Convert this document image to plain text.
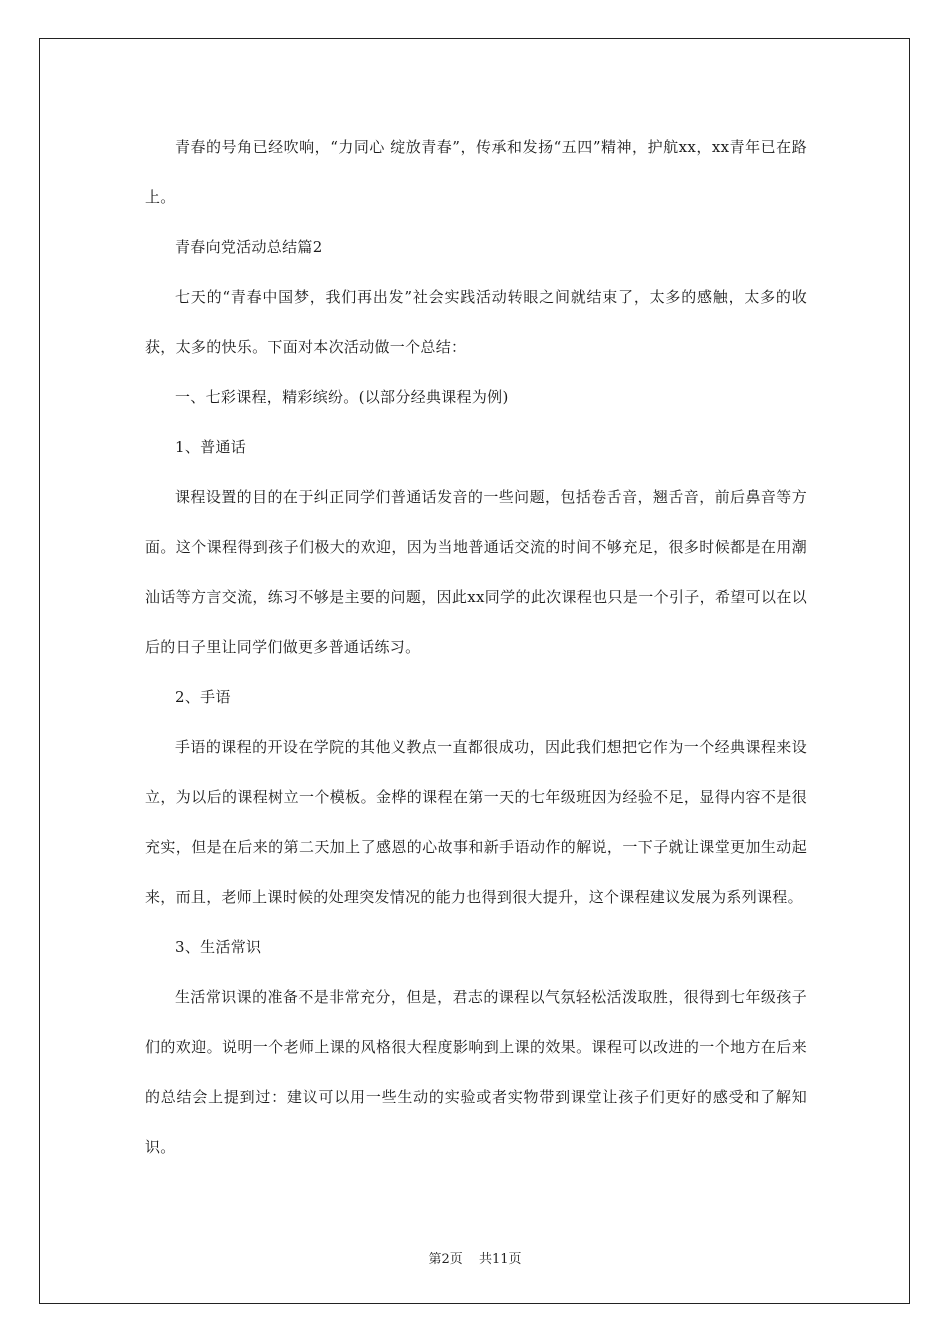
青春的号角已经吹响，“力同心 绽放青春”，传承和发扬“五四”精神，护航xx，xx青年已在路上。

青春向党活动总结篇2

七天的“青春中国梦，我们再出发”社会实践活动转眼之间就结束了，太多的感触，太多的收获，太多的快乐。下面对本次活动做一个总结：

一、七彩课程，精彩缤纷。(以部分经典课程为例)

1、普通话

课程设置的目的在于纠正同学们普通话发音的一些问题，包括卷舌音，翘舌音，前后鼻音等方面。这个课程得到孩子们极大的欢迎，因为当地普通话交流的时间不够充足，很多时候都是在用潮汕话等方言交流，练习不够是主要的问题，因此xx同学的此次课程也只是一个引子，希望可以在以后的日子里让同学们做更多普通话练习。

2、手语

手语的课程的开设在学院的其他义教点一直都很成功，因此我们想把它作为一个经典课程来设立，为以后的课程树立一个模板。金桦的课程在第一天的七年级班因为经验不足，显得内容不是很充实，但是在后来的第二天加上了感恩的心故事和新手语动作的解说，一下子就让课堂更加生动起来，而且，老师上课时候的处理突发情况的能力也得到很大提升，这个课程建议发展为系列课程。

3、生活常识

生活常识课的准备不是非常充分，但是，君志的课程以气氛轻松活泼取胜，很得到七年级孩子们的欢迎。说明一个老师上课的风格很大程度影响到上课的效果。课程可以改进的一个地方在后来的总结会上提到过：建议可以用一些生动的实验或者实物带到课堂让孩子们更好的感受和了解知识。

第2页 共11页
